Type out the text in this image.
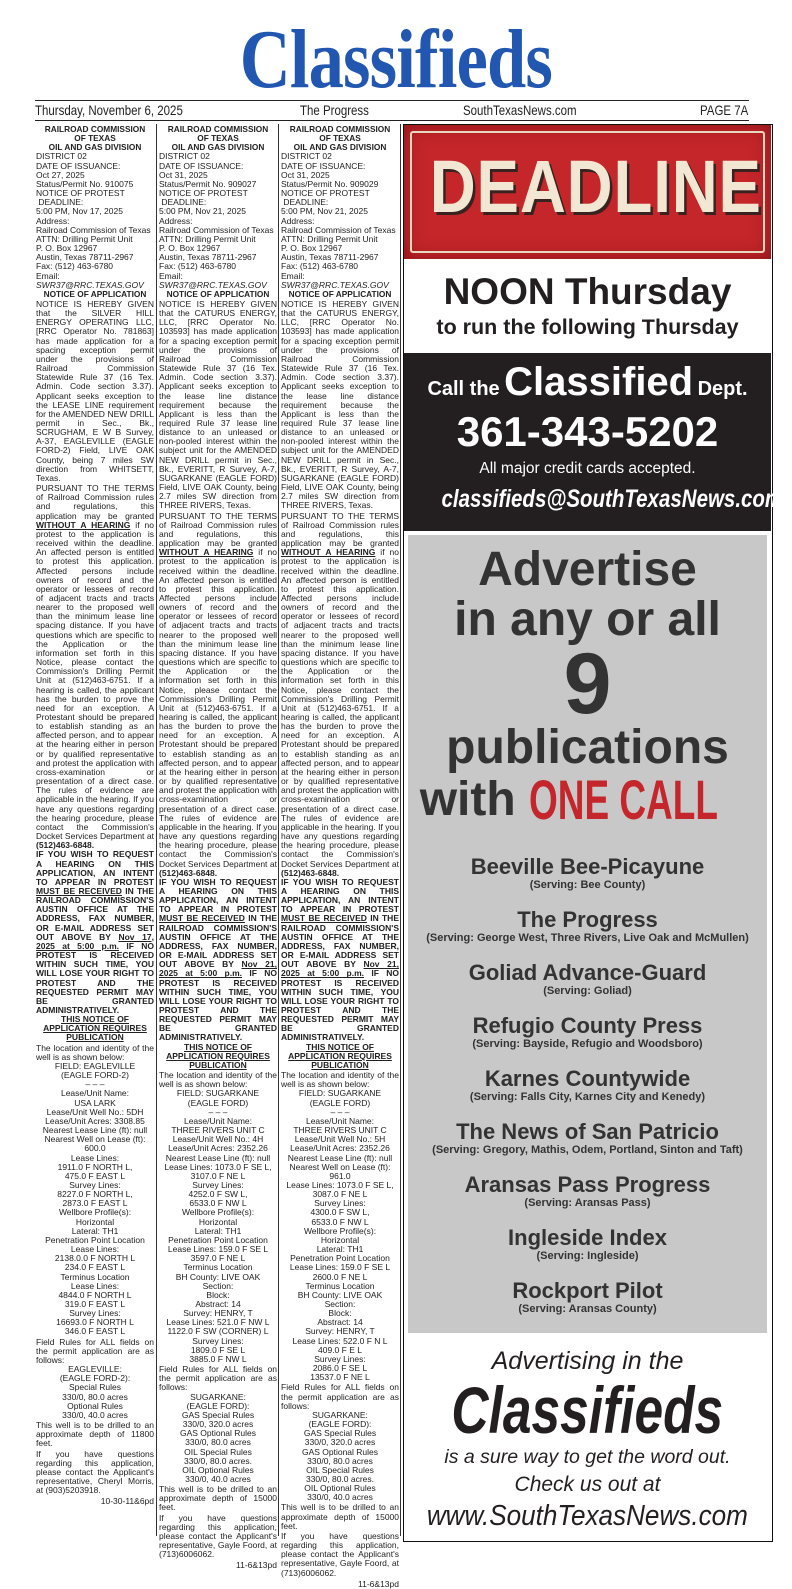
Classifieds
Thursday, November 6, 2025	The Progress	SouthTexasNews.com	PAGE 7A
RAILROAD COMMISSION
OF TEXAS
OIL AND GAS DIVISION
DISTRICT 02
DATE OF ISSUANCE:
Oct 27, 2025
Status/Permit No. 910075
NOTICE OF PROTEST
DEADLINE:
5:00 PM, Nov 17, 2025
Address:
Railroad Commission of Texas
ATTN: Drilling Permit Unit
P. O. Box 12967
Austin, Texas 78711-2967
Fax: (512) 463-6780
Email:
SWR37@RRC.TEXAS.GOV
NOTICE OF APPLICATION
NOTICE IS HEREBY GIVEN that the SILVER HILL ENERGY OPERATING LLC, [RRC Operator No. 781863] has made application for a spacing exception permit under the provisions of Railroad Commission Statewide Rule 37 (16 Tex. Admin. Code section 3.37). Applicant seeks exception to the LEASE LINE requirement for the AMENDED NEW DRILL permit in Sec., Bk., SCRUGHAM, E W B Survey, A-37, EAGLEVILLE (EAGLE FORD-2) Field, LIVE OAK County, being 7 miles SW direction from WHITSETT, Texas.
PURSUANT TO THE TERMS of Railroad Commission rules and regulations, this application may be granted WITHOUT A HEARING if no protest to the application is received within the deadline. An affected person is entitled to protest this application. Affected persons include owners of record and the operator or lessees of record of adjacent tracts and tracts nearer to the proposed well than the minimum lease line spacing distance. If you have questions which are specific to the Application or the information set forth in this Notice, please contact the Commission's Drilling Permit Unit at (512)463-6751. If a hearing is called, the applicant has the burden to prove the need for an exception. A Protestant should be prepared to establish standing as an affected person, and to appear at the hearing either in person or by qualified representative and protest the application with cross-examination or presentation of a direct case. The rules of evidence are applicable in the hearing. If you have any questions regarding the hearing procedure, please contact the Commission's Docket Services Department at (512)463-6848.
IF YOU WISH TO REQUEST A HEARING ON THIS APPLICATION, AN INTENT TO APPEAR IN PROTEST MUST BE RECEIVED IN THE RAILROAD COMMISSION'S AUSTIN OFFICE AT THE ADDRESS, FAX NUMBER, OR E-MAIL ADDRESS SET OUT ABOVE BY Nov 17, 2025 at 5:00 p.m. IF NO PROTEST IS RECEIVED WITHIN SUCH TIME, YOU WILL LOSE YOUR RIGHT TO PROTEST AND THE REQUESTED PERMIT MAY BE GRANTED ADMINISTRATIVELY.
THIS NOTICE OF
APPLICATION REQUIRES
PUBLICATION
The location and identity of the well is as shown below:
FIELD: EAGLEVILLE
(EAGLE FORD-2)
– – –
Lease/Unit Name:
USA LARK
Lease/Unit Well No.: 5DH
Lease/Unit Acres: 3308.85
Nearest Lease Line (ft): null
Nearest Well on Lease (ft):
600.0
Lease Lines:
1911.0 F NORTH L,
475.0 F EAST L
Survey Lines:
8227.0 F NORTH L,
2873.0 F EAST L
Wellbore Profile(s):
Horizontal
Lateral: TH1
Penetration Point Location
Lease Lines:
2138.0.0 F NORTH L
234.0 F EAST L
Terminus Location
Lease Lines:
4844.0 F NORTH L
319.0 F EAST L
Survey Lines:
16693.0 F NORTH L
346.0 F EAST L
Field Rules for ALL fields on the permit application are as follows:
EAGLEVILLE:
(EAGLE FORD-2):
Special Rules
330/0, 80.0 acres
Optional Rules
330/0, 40.0 acres
This well is to be drilled to an approximate depth of 11800 feet.
If you have questions regarding this application, please contact the Applicant's representative, Cheryl Morris, at (903)5203918.
10-30-11&6pd
RAILROAD COMMISSION
OF TEXAS
OIL AND GAS DIVISION
DISTRICT 02
DATE OF ISSUANCE:
Oct 31, 2025
Status/Permit No. 909027
NOTICE OF PROTEST
DEADLINE:
5:00 PM, Nov 21, 2025
Address:
Railroad Commission of Texas
ATTN: Drilling Permit Unit
P. O. Box 12967
Austin, Texas 78711-2967
Fax: (512) 463-6780
Email:
SWR37@RRC.TEXAS.GOV
NOTICE OF APPLICATION
NOTICE IS HEREBY GIVEN that the CATURUS ENERGY, LLC, [RRC Operator No. 103593] has made application for a spacing exception permit under the provisions of Railroad Commission Statewide Rule 37 (16 Tex. Admin. Code section 3.37). Applicant seeks exception to the lease line distance requirement because the Applicant is less than the required Rule 37 lease line distance to an unleased or non-pooled interest within the subject unit for the AMENDED NEW DRILL permit in Sec., Bk., EVERITT, R Survey, A-7, SUGARKANE (EAGLE FORD) Field, LIVE OAK County, being 2.7 miles SW direction from THREE RIVERS, Texas.
PURSUANT TO THE TERMS of Railroad Commission rules and regulations, this application may be granted WITHOUT A HEARING if no protest to the application is received within the deadline. An affected person is entitled to protest this application. Affected persons include owners of record and the operator or lessees of record of adjacent tracts and tracts nearer to the proposed well than the minimum lease line spacing distance. If you have questions which are specific to the Application or the information set forth in this Notice, please contact the Commission's Drilling Permit Unit at (512)463-6751. If a hearing is called, the applicant has the burden to prove the need for an exception. A Protestant should be prepared to establish standing as an affected person, and to appear at the hearing either in person or by qualified representative and protest the application with cross-examination or presentation of a direct case. The rules of evidence are applicable in the hearing. If you have any questions regarding the hearing procedure, please contact the Commission's Docket Services Department at (512)463-6848.
IF YOU WISH TO REQUEST A HEARING ON THIS APPLICATION, AN INTENT TO APPEAR IN PROTEST MUST BE RECEIVED IN THE RAILROAD COMMISSION'S AUSTIN OFFICE AT THE ADDRESS, FAX NUMBER, OR E-MAIL ADDRESS SET OUT ABOVE BY Nov 21, 2025 at 5:00 p.m. IF NO PROTEST IS RECEIVED WITHIN SUCH TIME, YOU WILL LOSE YOUR RIGHT TO PROTEST AND THE REQUESTED PERMIT MAY BE GRANTED ADMINISTRATIVELY.
THIS NOTICE OF
APPLICATION REQUIRES
PUBLICATION
The location and identity of the well is as shown below:
FIELD: SUGARKANE
(EAGLE FORD)
– – –
Lease/Unit Name:
THREE RIVERS UNIT C
Lease/Unit Well No.: 4H
Lease/Unit Acres: 2352.26
Nearest Lease Line (ft): null
Lease Lines: 1073.0 F SE L,
3107.0 F NE L
Survey Lines:
4252.0 F SW L,
6533.0 F NW L
Wellbore Profile(s):
Horizontal
Lateral: TH1
Penetration Point Location
Lease Lines: 159.0 F SE L
3597.0 F NE L
Terminus Location
BH County: LIVE OAK
Section:
Block:
Abstract: 14
Survey: HENRY, T
Lease Lines: 521.0 F NW L
1122.0 F SW (CORNER) L
Survey Lines:
1809.0 F SE L
3885.0 F NW L
Field Rules for ALL fields on the permit application are as follows:
SUGARKANE:
(EAGLE FORD):
GAS Special Rules
330/0, 320.0 acres
GAS Optional Rules
330/0, 80.0 acres
OIL Special Rules
330/0, 80.0 acres.
OIL Optional Rules
330/0, 40.0 acres
This well is to be drilled to an approximate depth of 15000 feet.
If you have questions regarding this application, please contact the Applicant's representative, Gayle Foord, at (713)6006062.
11-6&13pd
RAILROAD COMMISSION
OF TEXAS
OIL AND GAS DIVISION
DISTRICT 02
DATE OF ISSUANCE:
Oct 31, 2025
Status/Permit No. 909029
NOTICE OF PROTEST
DEADLINE:
5:00 PM, Nov 21, 2025
Address:
Railroad Commission of Texas
ATTN: Drilling Permit Unit
P. O. Box 12967
Austin, Texas 78711-2967
Fax: (512) 463-6780
Email:
SWR37@RRC.TEXAS.GOV
NOTICE OF APPLICATION
NOTICE IS HEREBY GIVEN that the CATURUS ENERGY, LLC, [RRC Operator No. 103593] has made application for a spacing exception permit under the provisions of Railroad Commission Statewide Rule 37 (16 Tex. Admin. Code section 3.37). Applicant seeks exception to the lease line distance requirement because the Applicant is less than the required Rule 37 lease line distance to an unleased or non-pooled interest within the subject unit for the AMENDED NEW DRILL permit in Sec., Bk., EVERITT, R Survey, A-7, SUGARKANE (EAGLE FORD) Field, LIVE OAK County, being 2.7 miles SW direction from THREE RIVERS, Texas.
PURSUANT TO THE TERMS of Railroad Commission rules and regulations, this application may be granted WITHOUT A HEARING if no protest to the application is received within the deadline. An affected person is entitled to protest this application. Affected persons include owners of record and the operator or lessees of record of adjacent tracts and tracts nearer to the proposed well than the minimum lease line spacing distance. If you have questions which are specific to the Application or the information set forth in this Notice, please contact the Commission's Drilling Permit Unit at (512)463-6751. If a hearing is called, the applicant has the burden to prove the need for an exception. A Protestant should be prepared to establish standing as an affected person, and to appear at the hearing either in person or by qualified representative and protest the application with cross-examination or presentation of a direct case. The rules of evidence are applicable in the hearing. If you have any questions regarding the hearing procedure, please contact the Commission's Docket Services Department at (512)463-6848.
IF YOU WISH TO REQUEST A HEARING ON THIS APPLICATION, AN INTENT TO APPEAR IN PROTEST MUST BE RECEIVED IN THE RAILROAD COMMISSION'S AUSTIN OFFICE AT THE ADDRESS, FAX NUMBER, OR E-MAIL ADDRESS SET OUT ABOVE BY Nov 21, 2025 at 5:00 p.m. IF NO PROTEST IS RECEIVED WITHIN SUCH TIME, YOU WILL LOSE YOUR RIGHT TO PROTEST AND THE REQUESTED PERMIT MAY BE GRANTED ADMINISTRATIVELY.
THIS NOTICE OF
APPLICATION REQUIRES
PUBLICATION
The location and identity of the well is as shown below:
FIELD: SUGARKANE
(EAGLE FORD)
– – –
Lease/Unit Name:
THREE RIVERS UNIT C
Lease/Unit Well No.: 5H
Lease/Unit Acres: 2352.26
Nearest Lease Line (ft): null
Nearest Well on Lease (ft):
961.0
Lease Lines: 1073.0 F SE L,
3087.0 F NE L
Survey Lines:
4300.0 F SW L,
6533.0 F NW L
Wellbore Profile(s):
Horizontal
Lateral: TH1
Penetration Point Location
Lease Lines: 159.0 F SE L
2600.0 F NE L
Terminus Location
BH County: LIVE OAK
Section:
Block:
Abstract: 14
Survey: HENRY, T
Lease Lines: 522.0 F N L
409.0 F E L
Survey Lines:
2086.0 F SE L
13537.0 F NE L
Field Rules for ALL fields on the permit application are as follows:
SUGARKANE:
(EAGLE FORD):
GAS Special Rules
330/0, 320.0 acres
GAS Optional Rules
330/0, 80.0 acres
OIL Special Rules
330/0, 80.0 acres.
OIL Optional Rules
330/0, 40.0 acres
This well is to be drilled to an approximate depth of 15000 feet.
If you have questions regarding this application, please contact the Applicant's representative, Gayle Foord, at (713)6006062.
11-6&13pd
DEADLINE
NOON Thursday
to run the following Thursday
Call the Classified Dept.
361-343-5202
All major credit cards accepted.
classifieds@SouthTexasNews.com
Advertise
in any or all
9
publications
with ONE CALL
Beeville Bee-Picayune
(Serving: Bee County)
The Progress
(Serving: George West, Three Rivers, Live Oak and McMullen)
Goliad Advance-Guard
(Serving: Goliad)
Refugio County Press
(Serving: Bayside, Refugio and Woodsboro)
Karnes Countywide
(Serving: Falls City, Karnes City and Kenedy)
The News of San Patricio
(Serving: Gregory, Mathis, Odem, Portland, Sinton and Taft)
Aransas Pass Progress
(Serving: Aransas Pass)
Ingleside Index
(Serving: Ingleside)
Rockport Pilot
(Serving: Aransas County)
Advertising in the
Classifieds
is a sure way to get the word out.
Check us out at
www.SouthTexasNews.com
